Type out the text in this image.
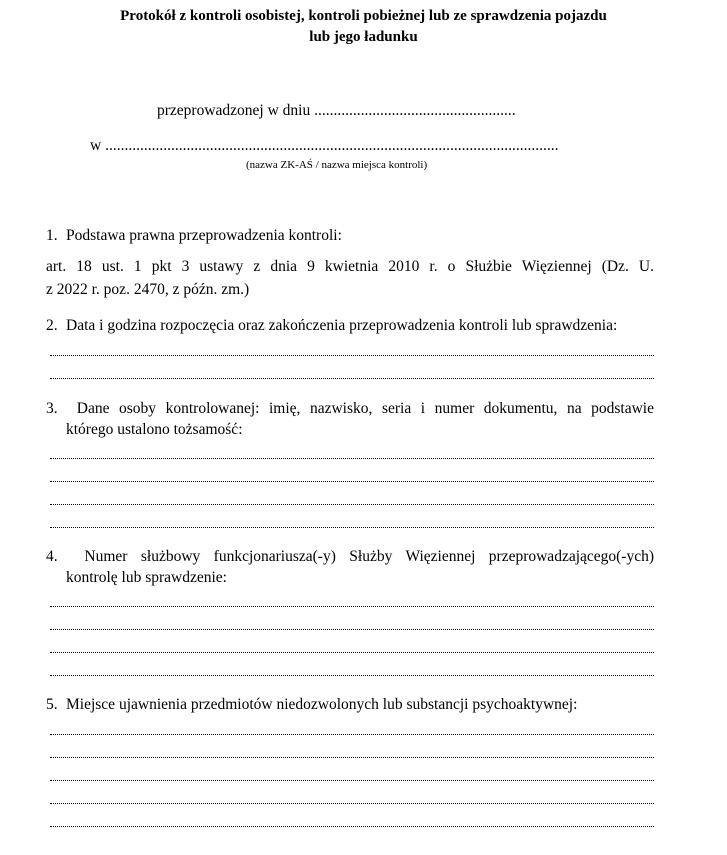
Protokół z kontroli osobistej, kontroli pobieżnej lub ze sprawdzenia pojazdu
lub jego ładunku
przeprowadzonej w dniu ....................................................
w .....................................................................................................................
(nazwa ZK-AŚ / nazwa miejsca kontroli)
1. Podstawa prawna przeprowadzenia kontroli:
art. 18 ust. 1 pkt 3 ustawy z dnia 9 kwietnia 2010 r. o Służbie Więziennej (Dz. U.
z 2022 r. poz. 2470, z późn. zm.)
2. Data i godzina rozpoczęcia oraz zakończenia przeprowadzenia kontroli lub sprawdzenia:
3. Dane osoby kontrolowanej: imię, nazwisko, seria i numer dokumentu, na podstawie
którego ustalono tożsamość:
4. Numer służbowy funkcjonariusza(-y) Służby Więziennej przeprowadzającego(-ych)
kontrolę lub sprawdzenie:
5. Miejsce ujawnienia przedmiotów niedozwolonych lub substancji psychoaktywnej:
